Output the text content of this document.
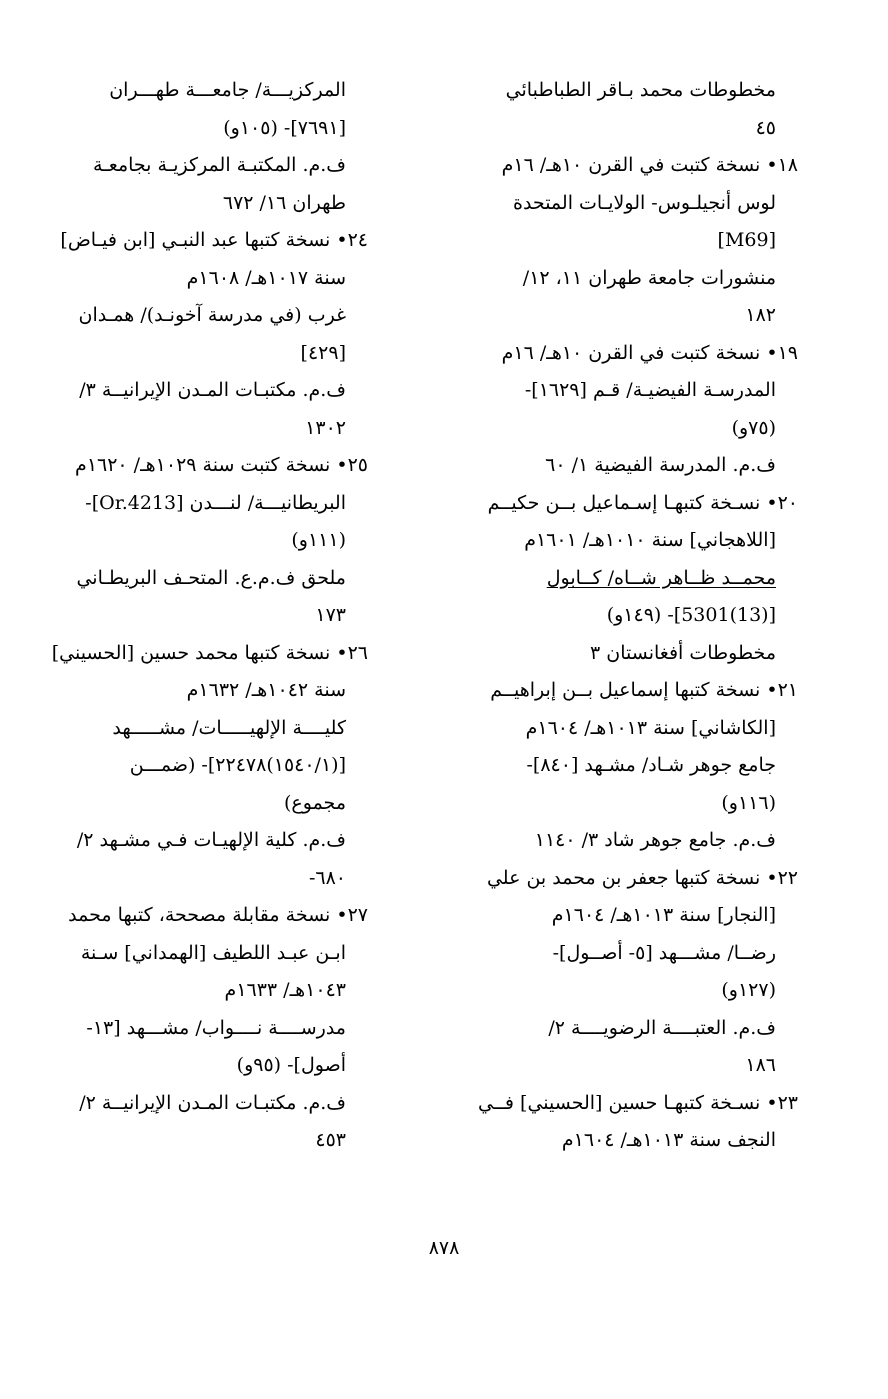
مخطوطات محمد بـاقر الطباطبائي
٤٥
١٨• نسخة كتبت في القرن ١٠هـ/ ١٦م
لوس أنجيلـوس- الولايـات المتحدة
[M69]
منشورات جامعة طهران ١١، ١٢/
١٨٢
١٩• نسخة كتبت في القرن ١٠هـ/ ١٦م
المدرسـة الفيضيـة/ قـم [١٦٢٩]-
(٧٥و)
ف.م. المدرسة الفيضية ١/ ٦٠
٢٠• نسـخة كتبهـا إسـماعيل بــن حكيــم
[اللاهجاني] سنة ١٠١٠هـ/ ١٦٠١م
محمــد ظــاهر شــاه/ كــابول
[(13)5301]- (١٤٩و)
مخطوطات أفغانستان ٣
٢١• نسخة كتبها إسماعيل بــن إبراهيــم
[الكاشاني] سنة ١٠١٣هـ/ ١٦٠٤م
جامع جوهر شـاد/ مشـهد [٨٤٠]-
(١١٦و)
ف.م. جامع جوهر شاد ٣/ ١١٤٠
٢٢• نسخة كتبها جعفر بن محمد بن علي
[النجار] سنة ١٠١٣هـ/ ١٦٠٤م
رضــا/ مشـــهد [٥- أصــول]-
(١٢٧و)
ف.م. العتبــــة الرضويــــة ٢/
١٨٦
٢٣• نسـخة كتبهـا حسين [الحسيني] فــي
النجف سنة ١٠١٣هـ/ ١٦٠٤م
المركزيـــة/ جامعـــة طهـــران
[٧٦٩١]- (١٠٥و)
ف.م. المكتبـة المركزيـة بجامعـة
طهران ١٦/ ٦٧٢
٢٤• نسخة كتبها عبد النبـي [ابن فيـاض]
سنة ١٠١٧هـ/ ١٦٠٨م
غرب (في مدرسة آخونـد)/ همـدان
[٤٢٩]
ف.م. مكتبـات المـدن الإيرانيــة ٣/
١٣٠٢
٢٥• نسخة كتبت سنة ١٠٢٩هـ/ ١٦٢٠م
البريطانيـــة/ لنـــدن [Or.4213]-
(١١١و)
ملحق ف.م.ع. المتحـف البريطـاني
١٧٣
٢٦• نسخة كتبها محمد حسين [الحسيني]
سنة ١٠٤٢هـ/ ١٦٣٢م
كليــــة الإلهيـــــات/ مشـــــهد
[(١٥٤٠/١)٢٢٤٧٨]- (ضمـــن
مجموع)
ف.م. كلية الإلهيـات فـي مشـهد ٢/
٦٨٠-
٢٧• نسخة مقابلة مصححة، كتبها محمد
ابـن عبـد اللطيف [الهمداني] سـنة
١٠٤٣هـ/ ١٦٣٣م
مدرســــة نــــواب/ مشـــهد [١٣-
أصول]- (٩٥و)
ف.م. مكتبـات المـدن الإيرانيــة ٢/
٤٥٣
٨٧٨
